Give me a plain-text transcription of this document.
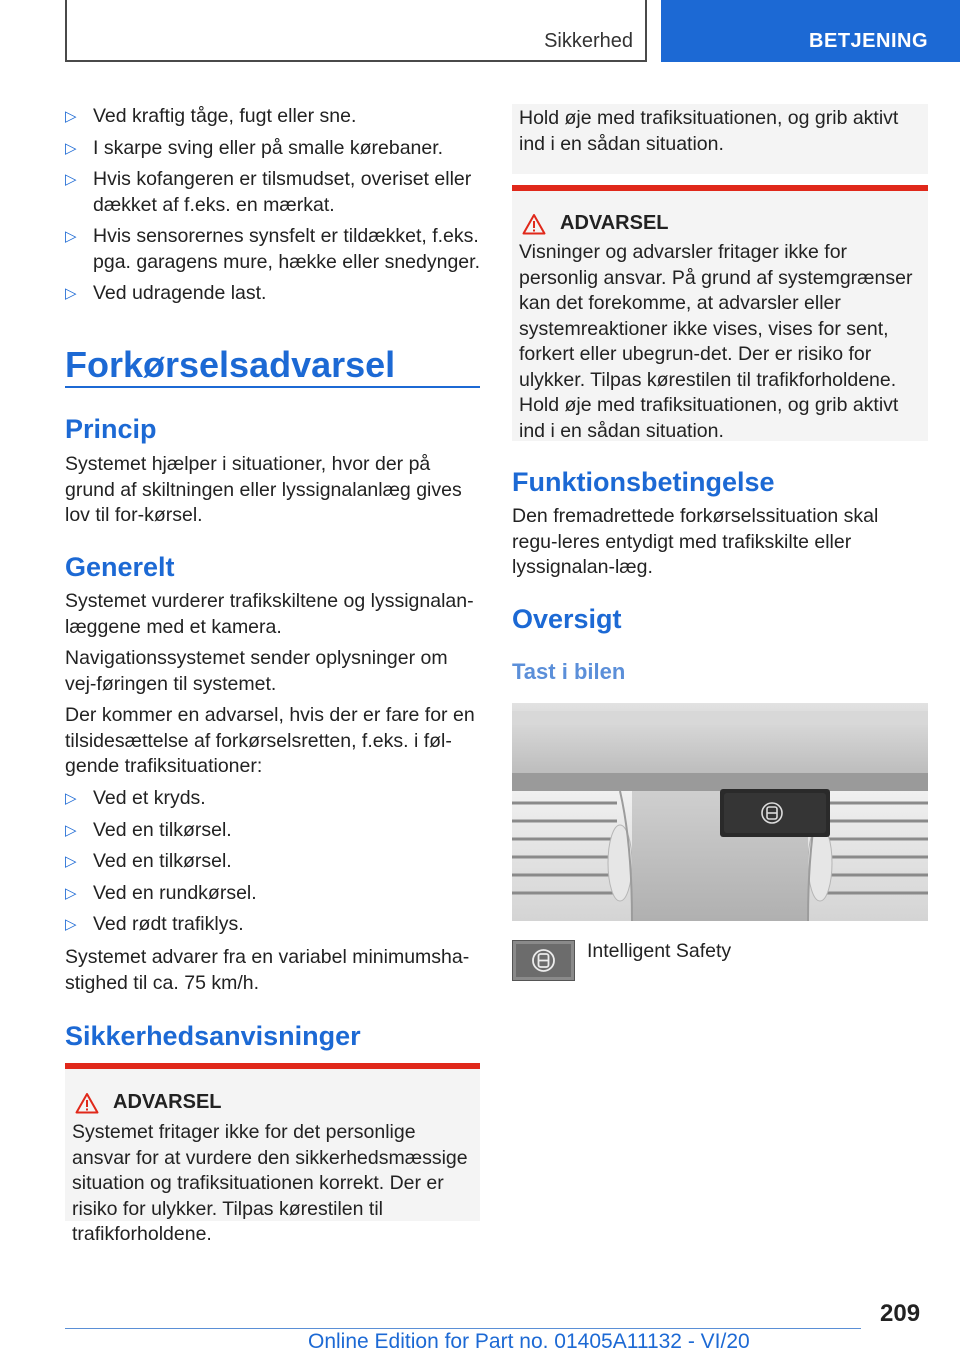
Sikkerhed	BETJENING
▷ Ved kraftig tåge, fugt eller sne.
▷ I skarpe sving eller på smalle kørebaner.
▷ Hvis kofangeren er tilsmudset, overiset eller dækket af f.eks. en mærkat.
▷ Hvis sensorernes synsfelt er tildækket, f.eks. pga. garagens mure, hække eller snedynger.
▷ Ved udragende last.
Forkørselsadvarsel
Princip
Systemet hjælper i situationer, hvor der på grund af skiltningen eller lyssignalanlæg gives lov til for-kørsel.
Generelt
Systemet vurderer trafikskiltene og lyssignalan-læggene med et kamera.
Navigationssystemet sender oplysninger om vej-føringen til systemet.
Der kommer en advarsel, hvis der er fare for en tilsidesættelse af forkørselsretten, f.eks. i føl-gende trafiksituationer:
▷ Ved et kryds.
▷ Ved en tilkørsel.
▷ Ved en tilkørsel.
▷ Ved en rundkørsel.
▷ Ved rødt trafiklys.
Systemet advarer fra en variabel minimumsha-stighed til ca. 75 km/h.
Sikkerhedsanvisninger
ADVARSEL
Systemet fritager ikke for det personlige ansvar for at vurdere den sikkerhedsmæssige situation og trafiksituationen korrekt. Der er risiko for ulykker. Tilpas kørestilen til trafikforholdene.
Hold øje med trafiksituationen, og grib aktivt ind i en sådan situation.
ADVARSEL
Visninger og advarsler fritager ikke for personlig ansvar. På grund af systemgrænser kan det forekomme, at advarsler eller systemreaktioner ikke vises, vises for sent, forkert eller ubegrun-det. Der er risiko for ulykker. Tilpas kørestilen til trafikforholdene. Hold øje med trafiksituationen, og grib aktivt ind i en sådan situation.
Funktionsbetingelse
Den fremadrettede forkørselssituation skal regu-leres entydigt med trafikskilte eller lyssignalan-læg.
Oversigt
Tast i bilen
Intelligent Safety
209
Online Edition for Part no. 01405A11132 - VI/20
